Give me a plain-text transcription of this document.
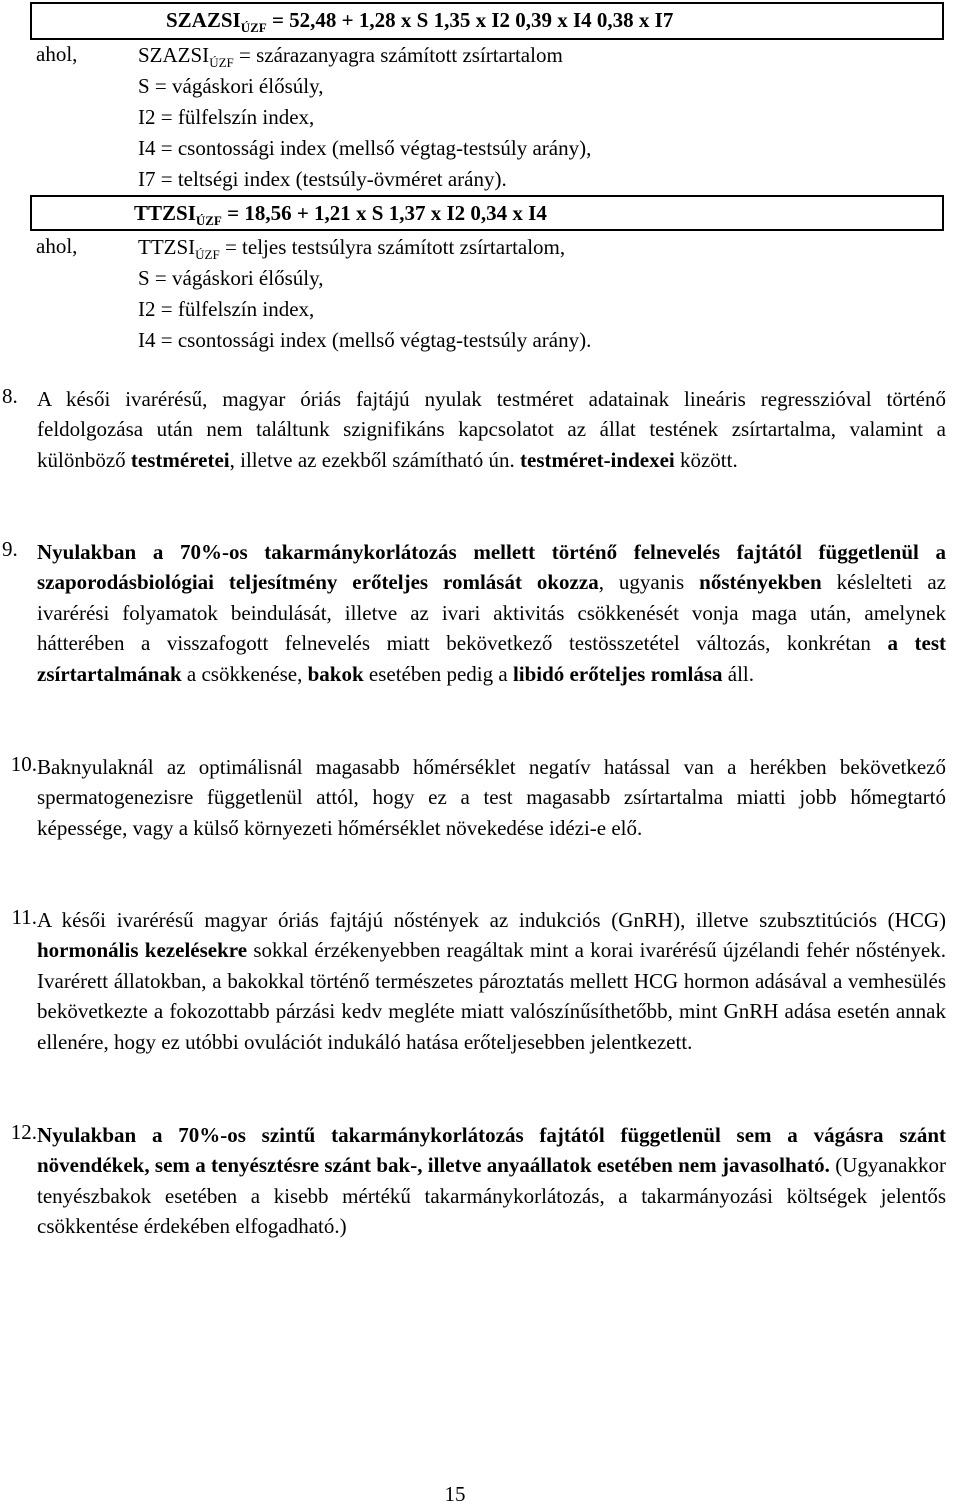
$SZAZSI_{ÚZF} = 52,48 + 1,28$ x S 1,35 x I2 0,39 x I4 0,38 x I7
ahol,	$SZAZSI_{ÚZF}$ = szárazanyagra számított zsírtartalom
S = vágáskori élősúly,
I2 = fülfelszín index,
I4 = csontossági index (mellső végtag-testsúly arány),
I7 = teltségi index (testsúly-övméret arány).
$TTZSI_{ÚZF} = 18,56 + 1,21$ x S 1,37 x I2 0,34 x I4
ahol,	$TTZSI_{ÚZF}$ = teljes testsúlyra számított zsírtartalom,
S = vágáskori élősúly,
I2 = fülfelszín index,
I4 = csontossági index (mellső végtag-testsúly arány).
8. A késői ivarérésű, magyar óriás fajtájú nyulak testméret adatainak lineáris regresszióval történő feldolgozása után nem találtunk szignifikáns kapcsolatot az állat testének zsírtartalma, valamint a különböző testméretei, illetve az ezekből számítható ún. testméret-indexei között.
9. Nyulakban a 70%-os takarmánykorlátozás mellett történő felnevelés fajtától függetlenül a szaporodásbiológiai teljesítmény erőteljes romlását okozza, ugyanis nőstényekben késlelteti az ivarérési folyamatok beindulását, illetve az ivari aktivitás csökkenését vonja maga után, amelynek hátterében a visszafogott felnevelés miatt bekövetkező testösszetétel változás, konkrétan a test zsírtartalmának a csökkenése, bakok esetében pedig a libidó erőteljes romlása áll.
10. Baknyulaknál az optimálisnál magasabb hőmérséklet negatív hatással van a herékben bekövetkező spermatogenezisre függetlenül attól, hogy ez a test magasabb zsírtartalma miatti jobb hőmegtartó képessége, vagy a külső környezeti hőmérséklet növekedése idézi-e elő.
11. A késői ivarérésű magyar óriás fajtájú nőstények az indukciós (GnRH), illetve szubsztitúciós (HCG) hormonális kezelésekre sokkal érzékenyebben reagáltak mint a korai ivarérésű újzélandi fehér nőstények. Ivarérett állatokban, a bakokkal történő természetes pároztatás mellett HCG hormon adásával a vemhesülés bekövetkezte a fokozottabb párzási kedv megléte miatt valószínűsíthetőbb, mint GnRH adása esetén annak ellenére, hogy ez utóbbi ovulációt indukáló hatása erőteljesebben jelentkezett.
12. Nyulakban a 70%-os szintű takarmánykorlátozás fajtától függetlenül sem a vágásra szánt növendékek, sem a tenyésztésre szánt bak-, illetve anyaállatok esetében nem javasolható. (Ugyanakkor tenyészbakok esetében a kisebb mértékű takarmánykorlátozás, a takarmányozási költségek jelentős csökkentése érdekében elfogadható.)
15
